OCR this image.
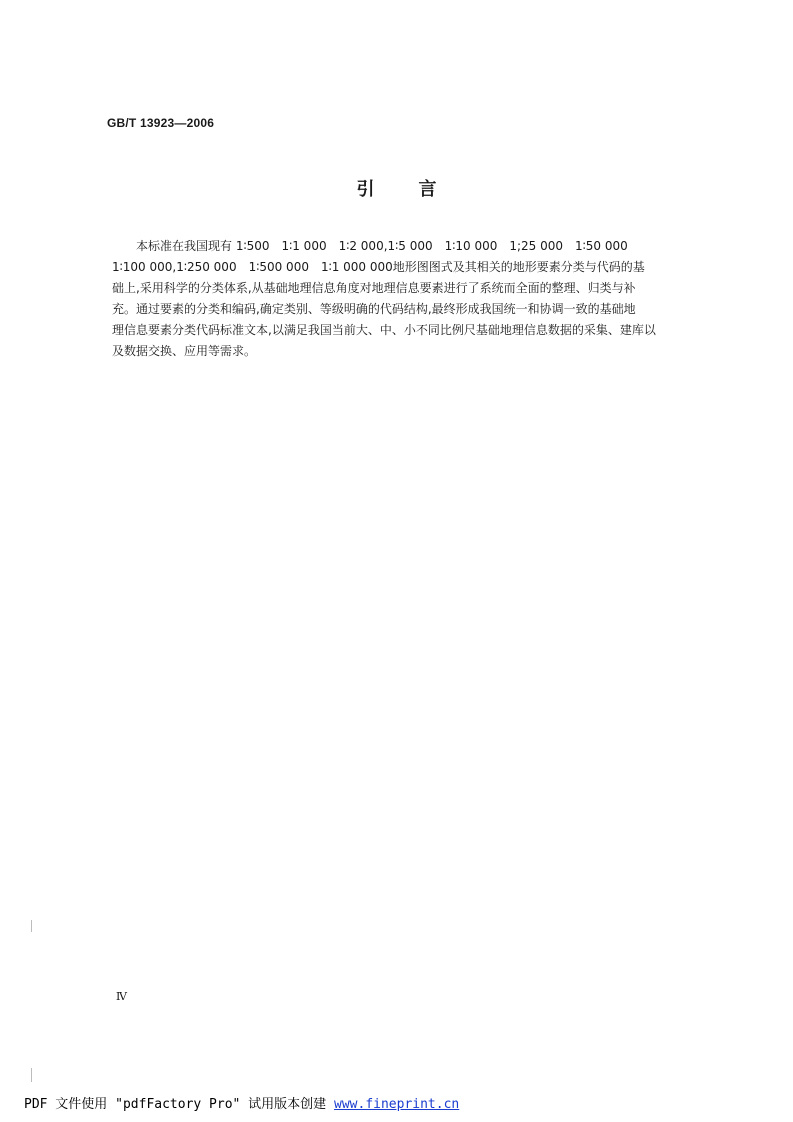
GB/T 13923—2006
引言
本标准在我国现有 1∶500　1∶1 000　1∶2 000,1∶5 000　1∶10 000　1;25 000　1∶50 000
1∶100 000,1∶250 000　1∶500 000　1∶1 000 000地形图图式及其相关的地形要素分类与代码的基
础上,采用科学的分类体系,从基础地理信息角度对地理信息要素进行了系统而全面的整理、归类与补
充。通过要素的分类和编码,确定类别、等级明确的代码结构,最终形成我国统一和协调一致的基础地
理信息要素分类代码标准文本,以满足我国当前大、中、小不同比例尺基础地理信息数据的采集、建库以
及数据交换、应用等需求。
Ⅳ
PDF 文件使用 "pdfFactory Pro" 试用版本创建 www.fineprint.cn
